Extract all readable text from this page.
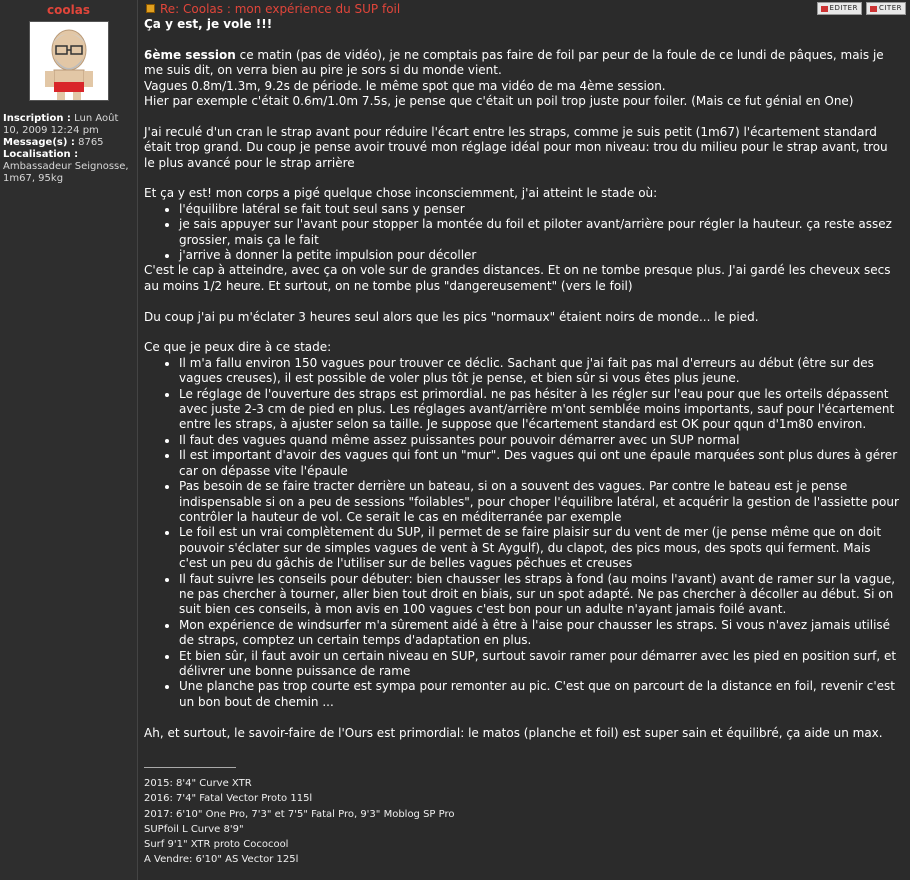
coolas
Inscription : Lun Août 10, 2009 12:24 pm
Message(s) : 8765
Localisation :
Ambassadeur Seignosse, 1m67, 95kg
Re: Coolas : mon expérience du SUP foil	EDITER	CITER

Ça y est, je vole !!!

6ème session ce matin (pas de vidéo), je ne comptais pas faire de foil par peur de la foule de ce lundi de pâques, mais je me suis dit, on verra bien au pire je sors si du monde vient.

Vagues 0.8m/1.3m, 9.2s de période. le même spot que ma vidéo de ma 4ème session.

Hier par exemple c'était 0.6m/1.0m 7.5s, je pense que c'était un poil trop juste pour foiler. (Mais ce fut génial en One)

J'ai reculé d'un cran le strap avant pour réduire l'écart entre les straps, comme je suis petit (1m67) l'écartement standard était trop grand. Du coup je pense avoir trouvé mon réglage idéal pour mon niveau: trou du milieu pour le strap avant, trou le plus avancé pour le strap arrière

Et ça y est! mon corps a pigé quelque chose inconsciemment, j'ai atteint le stade où:

• l'équilibre latéral se fait tout seul sans y penser
• je sais appuyer sur l'avant pour stopper la montée du foil et piloter avant/arrière pour régler la hauteur. ça reste assez grossier, mais ça le fait
• j'arrive à donner la petite impulsion pour décoller

C'est le cap à atteindre, avec ça on vole sur de grandes distances. Et on ne tombe presque plus. J'ai gardé les cheveux secs au moins 1/2 heure. Et surtout, on ne tombe plus "dangereusement" (vers le foil)

Du coup j'ai pu m'éclater 3 heures seul alors que les pics "normaux" étaient noirs de monde... le pied.

Ce que je peux dire à ce stade:

• Il m'a fallu environ 150 vagues pour trouver ce déclic. Sachant que j'ai fait pas mal d'erreurs au début (être sur des vagues creuses), il est possible de voler plus tôt je pense, et bien sûr si vous êtes plus jeune.
• Le réglage de l'ouverture des straps est primordial. ne pas hésiter à les régler sur l'eau pour que les orteils dépassent avec juste 2-3 cm de pied en plus. Les réglages avant/arrière m'ont semblée moins importants, sauf pour l'écartement entre les straps, à ajuster selon sa taille. Je suppose que l'écartement standard est OK pour qqun d'1m80 environ.
• Il faut des vagues quand même assez puissantes pour pouvoir démarrer avec un SUP normal
• Il est important d'avoir des vagues qui font un "mur". Des vagues qui ont une épaule marquées sont plus dures à gérer car on dépasse vite l'épaule
• Pas besoin de se faire tracter derrière un bateau, si on a souvent des vagues. Par contre le bateau est je pense indispensable si on a peu de sessions "foilables", pour choper l'équilibre latéral, et acquérir la gestion de l'assiette pour contrôler la hauteur de vol. Ce serait le cas en méditerranée par exemple
• Le foil est un vrai complètement du SUP, il permet de se faire plaisir sur du vent de mer (je pense même que on doit pouvoir s'éclater sur de simples vagues de vent à St Aygulf), du clapot, des pics mous, des spots qui ferment. Mais c'est un peu du gâchis de l'utiliser sur de belles vagues pêchues et creuses
• Il faut suivre les conseils pour débuter: bien chausser les straps à fond (au moins l'avant) avant de ramer sur la vague, ne pas chercher à tourner, aller bien tout droit en biais, sur un spot adapté. Ne pas chercher à décoller au début. Si on suit bien ces conseils, à mon avis en 100 vagues c'est bon pour un adulte n'ayant jamais foilé avant.
• Mon expérience de windsurfer m'a sûrement aidé à être à l'aise pour chausser les straps. Si vous n'avez jamais utilisé de straps, comptez un certain temps d'adaptation en plus.
• Et bien sûr, il faut avoir un certain niveau en SUP, surtout savoir ramer pour démarrer avec les pied en position surf, et délivrer une bonne puissance de rame
• Une planche pas trop courte est sympa pour remonter au pic. C'est que on parcourt de la distance en foil, revenir c'est un bon bout de chemin ...

Ah, et surtout, le savoir-faire de l'Ours est primordial: le matos (planche et foil) est super sain et équilibré, ça aide un max.

2015: 8'4" Curve XTR
2016: 7'4" Fatal Vector Proto 115l
2017: 6'10" One Pro, 7'3" et 7'5" Fatal Pro, 9'3" Moblog SP Pro
SUPfoil L Curve 8'9"
Surf 9'1" XTR proto Cococool
A Vendre: 6'10" AS Vector 125l
